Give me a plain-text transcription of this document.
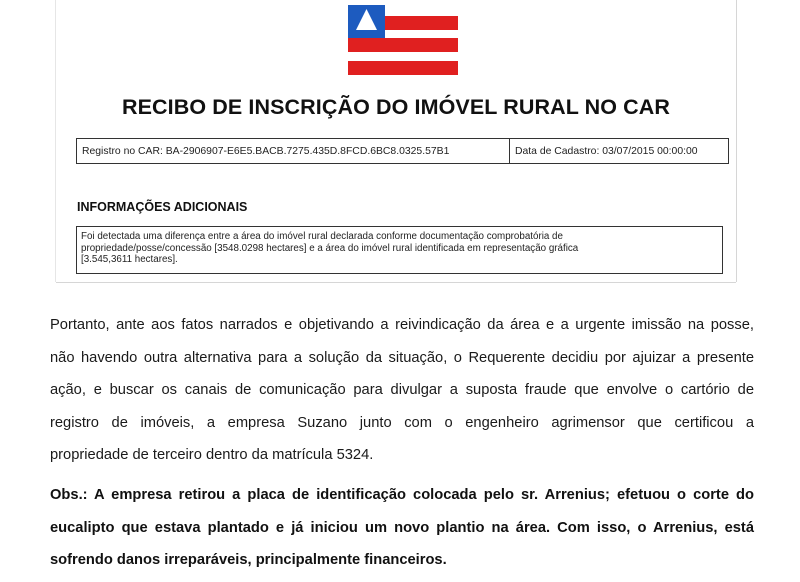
RECIBO DE INSCRIÇÃO DO IMÓVEL RURAL NO CAR
Registro no CAR: BA-2906907-E6E5.BACB.7275.435D.8FCD.6BC8.0325.57B1	Data de Cadastro: 03/07/2015 00:00:00
INFORMAÇÕES ADICIONAIS
Foi detectada uma diferença entre a área do imóvel rural declarada conforme documentação comprobatória de
propriedade/posse/concessão [3548.0298 hectares] e a área do imóvel rural identificada em representação gráfica
[3.545,3611 hectares].
Portanto, ante aos fatos narrados e objetivando a reivindicação da área e a urgente imissão na posse,
não havendo outra alternativa para a solução da situação, o Requerente decidiu por ajuizar a presente
ação, e buscar os canais de comunicação para divulgar a suposta fraude que envolve o cartório de
registro de imóveis, a empresa Suzano junto com o engenheiro agrimensor que certificou a
propriedade de terceiro dentro da matrícula 5324.
Obs.: A empresa retirou a placa de identificação colocada pelo sr. Arrenius; efetuou o corte do
eucalipto que estava plantado e já iniciou um novo plantio na área. Com isso, o Arrenius, está
sofrendo danos irreparáveis, principalmente financeiros.
